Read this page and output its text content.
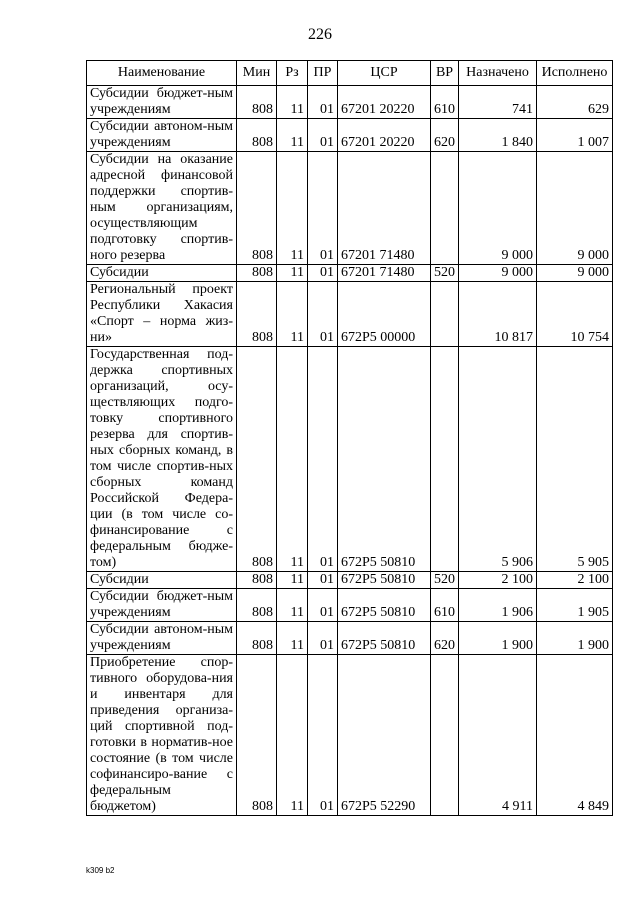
226
Наименование	Мин	Рз	ПР	ЦСР	ВР	Назначено	Исполнено
Субсидии бюджет-ным учреждениям	808	11	01	67201 20220	610	741	629
Субсидии автоном-ным учреждениям	808	11	01	67201 20220	620	1 840	1 007
Субсидии на оказание адресной финансовой поддержки спортив-ным организациям, осуществляющим подготовку спортив-ного резерва	808	11	01	67201 71480		9 000	9 000
Субсидии	808	11	01	67201 71480	520	9 000	9 000
Региональный проект Республики Хакасия «Спорт – норма жиз-ни»	808	11	01	672P5 00000		10 817	10 754
Государственная под-держка спортивных организаций, осу-ществляющих подго-товку спортивного резерва для спортив-ных сборных команд, в том числе спортив-ных сборных команд Российской Федера-ции (в том числе со-финансирование с федеральным бюдже-том)	808	11	01	672P5 50810		5 906	5 905
Субсидии	808	11	01	672P5 50810	520	2 100	2 100
Субсидии бюджет-ным учреждениям	808	11	01	672P5 50810	610	1 906	1 905
Субсидии автоном-ным учреждениям	808	11	01	672P5 50810	620	1 900	1 900
Приобретение спор-тивного оборудова-ния и инвентаря для приведения организа-ций спортивной под-готовки в норматив-ное состояние (в том числе софинансиро-вание с федеральным бюджетом)	808	11	01	672P5 52290		4 911	4 849
k309 b2
